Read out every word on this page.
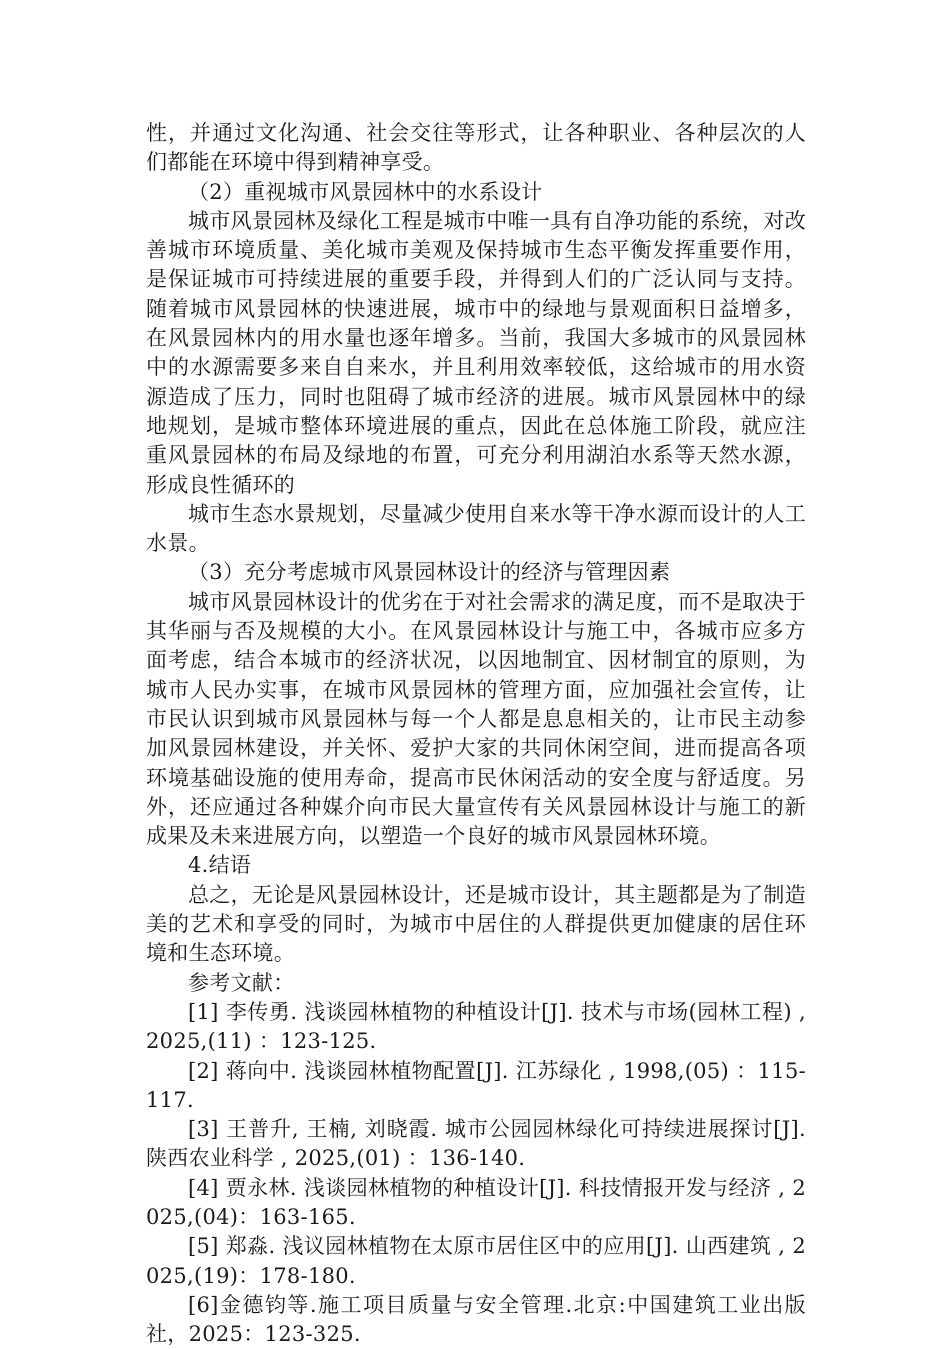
性，并通过文化沟通、社会交往等形式，让各种职业、各种层次的人们都能在环境中得到精神享受。

（2）重视城市风景园林中的水系设计

城市风景园林及绿化工程是城市中唯一具有自净功能的系统，对改善城市环境质量、美化城市美观及保持城市生态平衡发挥重要作用，是保证城市可持续进展的重要手段，并得到人们的广泛认同与支持。随着城市风景园林的快速进展，城市中的绿地与景观面积日益增多，在风景园林内的用水量也逐年增多。当前，我国大多城市的风景园林中的水源需要多来自自来水，并且利用效率较低，这给城市的用水资源造成了压力，同时也阻碍了城市经济的进展。城市风景园林中的绿地规划，是城市整体环境进展的重点，因此在总体施工阶段，就应注重风景园林的布局及绿地的布置，可充分利用湖泊水系等天然水源，形成良性循环的

城市生态水景规划，尽量减少使用自来水等干净水源而设计的人工水景。

（3）充分考虑城市风景园林设计的经济与管理因素

城市风景园林设计的优劣在于对社会需求的满足度，而不是取决于其华丽与否及规模的大小。在风景园林设计与施工中，各城市应多方面考虑，结合本城市的经济状况，以因地制宜、因材制宜的原则，为城市人民办实事，在城市风景园林的管理方面，应加强社会宣传，让市民认识到城市风景园林与每一个人都是息息相关的，让市民主动参加风景园林建设，并关怀、爱护大家的共同休闲空间，进而提高各项环境基础设施的使用寿命，提高市民休闲活动的安全度与舒适度。另外，还应通过各种媒介向市民大量宣传有关风景园林设计与施工的新成果及未来进展方向，以塑造一个良好的城市风景园林环境。

4.结语

总之，无论是风景园林设计，还是城市设计，其主题都是为了制造美的艺术和享受的同时，为城市中居住的人群提供更加健康的居住环境和生态环境。

参考文献：

[1] 李传勇. 浅谈园林植物的种植设计[J]. 技术与市场(园林工程) , 2025,(11) ：123-125.

[2] 蒋向中. 浅谈园林植物配置[J]. 江苏绿化 , 1998,(05) ：115-117.

[3] 王普升, 王楠, 刘晓霞. 城市公园园林绿化可持续进展探讨[J]. 陕西农业科学 , 2025,(01) ：136-140.

[4] 贾永林. 浅谈园林植物的种植设计[J]. 科技情报开发与经济 , 2025,(04)：163-165.

[5] 郑淼. 浅议园林植物在太原市居住区中的应用[J]. 山西建筑 , 2025,(19)：178-180.

[6]金德钧等.施工项目质量与安全管理.北京:中国建筑工业出版社，2025：123-325.
